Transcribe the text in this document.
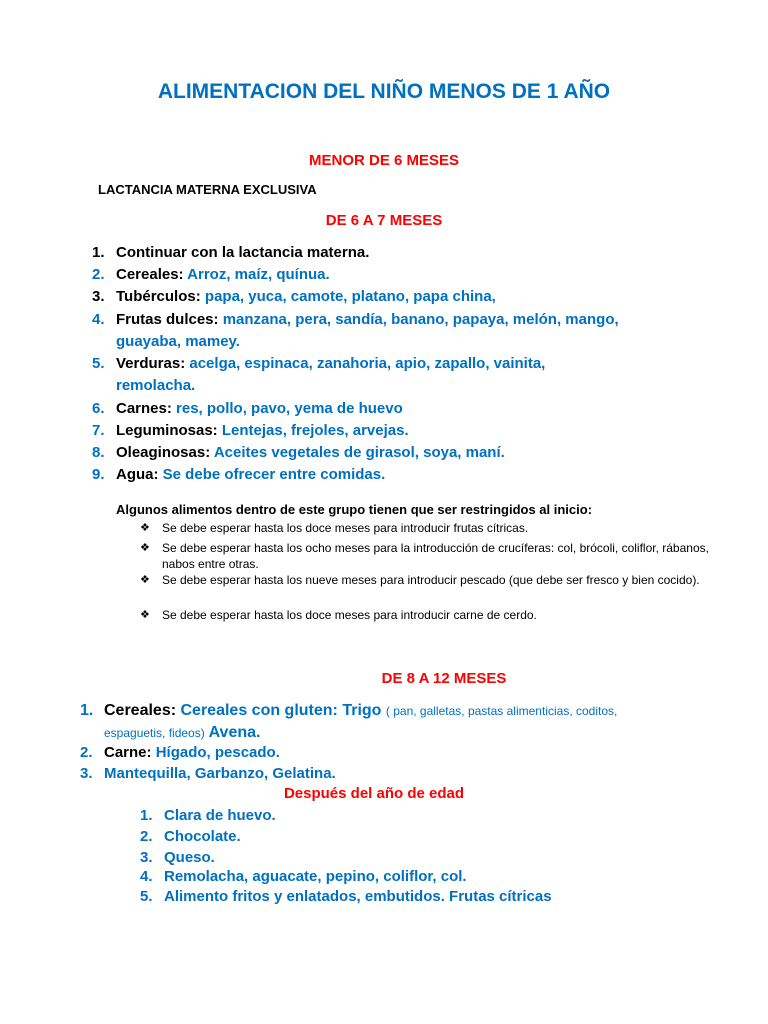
ALIMENTACION DEL NIÑO MENOS DE 1 AÑO
MENOR DE 6 MESES
LACTANCIA MATERNA EXCLUSIVA
DE 6 A 7 MESES
1. Continuar con la lactancia materna.
2. Cereales: Arroz, maíz, quínua.
3. Tubérculos: papa, yuca, camote, platano, papa china,
4. Frutas dulces: manzana, pera, sandía, banano, papaya, melón, mango,
guayaba, mamey.
5. Verduras: acelga, espinaca, zanahoria, apio, zapallo, vainita,
remolacha.
6. Carnes: res, pollo, pavo, yema de huevo
7. Leguminosas: Lentejas, frejoles, arvejas.
8. Oleaginosas: Aceites vegetales de girasol, soya, maní.
9. Agua: Se debe ofrecer entre comidas.
Algunos alimentos dentro de este grupo tienen que ser restringidos al inicio:
❖	Se debe esperar hasta los doce meses para introducir frutas cítricas.
❖	Se debe esperar hasta los ocho meses para la introducción de crucíferas: col, brócoli, coliflor, rábanos, nabos entre otras.
❖	Se debe esperar hasta los nueve meses para introducir pescado (que debe ser fresco y bien cocido).
❖	Se debe esperar hasta los doce meses para introducir carne de cerdo.
DE 8 A 12 MESES
1. Cereales: Cereales con gluten: Trigo ( pan, galletas, pastas alimenticias, coditos,
espaguetis, fideos) Avena.
2. Carne: Hígado, pescado.
3. Mantequilla, Garbanzo, Gelatina.
Después del año de edad
1. Clara de huevo.
2. Chocolate.
3. Queso.
4. Remolacha, aguacate, pepino, coliflor, col.
5. Alimento fritos y enlatados, embutidos. Frutas cítricas
